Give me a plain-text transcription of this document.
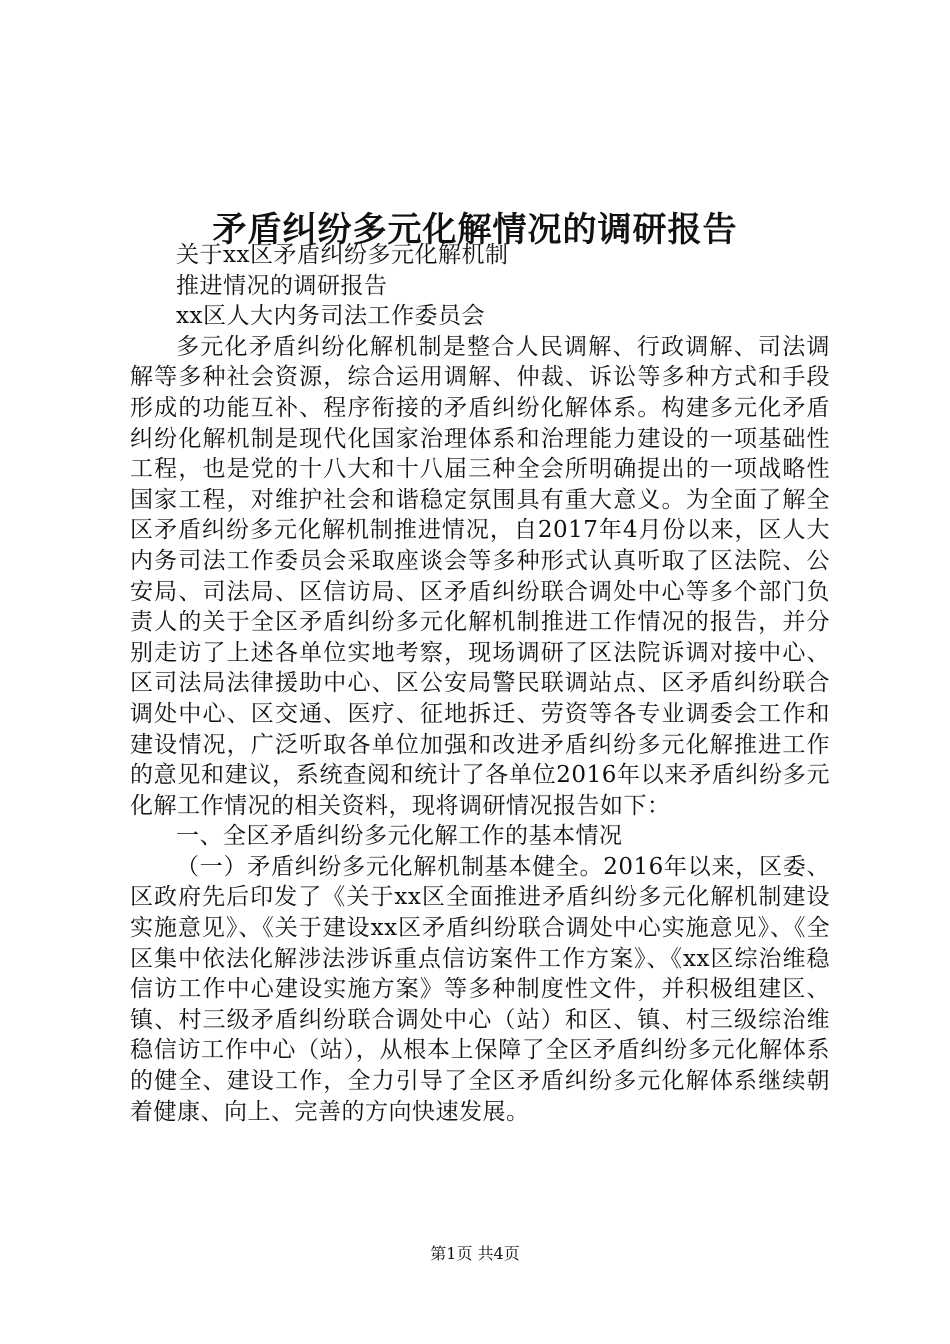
矛盾纠纷多元化解情况的调研报告

关于xx区矛盾纠纷多元化解机制

推进情况的调研报告

xx区人大内务司法工作委员会

多元化矛盾纠纷化解机制是整合人民调解、行政调解、司法调解等多种社会资源，综合运用调解、仲裁、诉讼等多种方式和手段形成的功能互补、程序衔接的矛盾纠纷化解体系。构建多元化矛盾纠纷化解机制是现代化国家治理体系和治理能力建设的一项基础性工程，也是党的十八大和十八届三种全会所明确提出的一项战略性国家工程，对维护社会和谐稳定氛围具有重大意义。为全面了解全区矛盾纠纷多元化解机制推进情况，自2017年4月份以来，区人大内务司法工作委员会采取座谈会等多种形式认真听取了区法院、公安局、司法局、区信访局、区矛盾纠纷联合调处中心等多个部门负责人的关于全区矛盾纠纷多元化解机制推进工作情况的报告，并分别走访了上述各单位实地考察，现场调研了区法院诉调对接中心、区司法局法律援助中心、区公安局警民联调站点、区矛盾纠纷联合调处中心、区交通、医疗、征地拆迁、劳资等各专业调委会工作和建设情况，广泛听取各单位加强和改进矛盾纠纷多元化解推进工作的意见和建议，系统查阅和统计了各单位2016年以来矛盾纠纷多元化解工作情况的相关资料，现将调研情况报告如下：

一、全区矛盾纠纷多元化解工作的基本情况

（一）矛盾纠纷多元化解机制基本健全。2016年以来，区委、区政府先后印发了《关于xx区全面推进矛盾纠纷多元化解机制建设实施意见》、《关于建设xx区矛盾纠纷联合调处中心实施意见》、《全区集中依法化解涉法涉诉重点信访案件工作方案》、《xx区综治维稳信访工作中心建设实施方案》等多种制度性文件，并积极组建区、镇、村三级矛盾纠纷联合调处中心（站）和区、镇、村三级综治维稳信访工作中心（站），从根本上保障了全区矛盾纠纷多元化解体系的健全、建设工作，全力引导了全区矛盾纠纷多元化解体系继续朝着健康、向上、完善的方向快速发展。

第1页 共4页
